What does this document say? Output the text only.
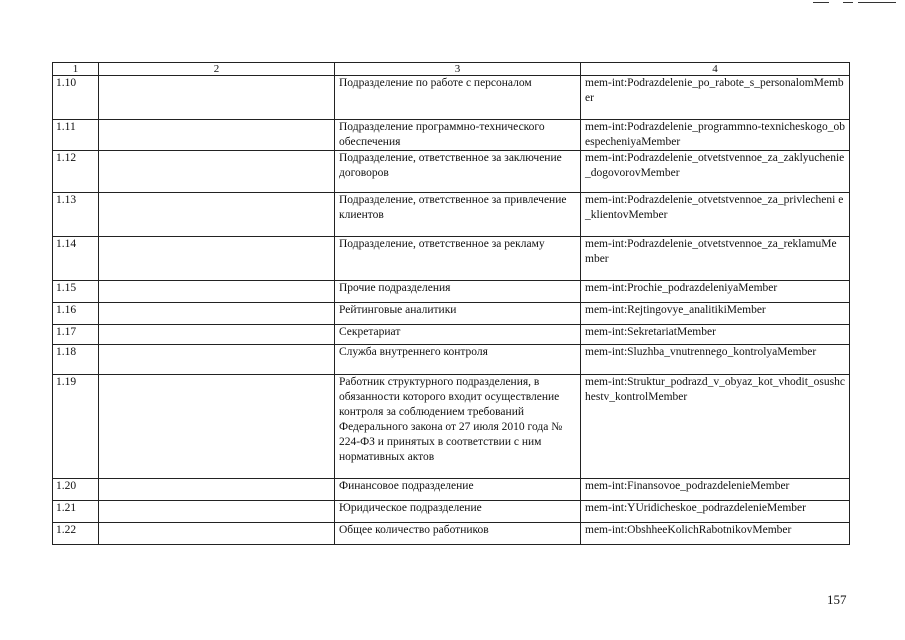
1	2	3	4
1.10		Подразделение по работе с персоналом	mem-int:Podrazdelenie_po_rabote_s_personalomMember
1.11		Подразделение программно-технического обеспечения	mem-int:Podrazdelenie_programmno-texnicheskogo_obespecheniyaMember
1.12		Подразделение, ответственное за заключение договоров	mem-int:Podrazdelenie_otvetstvennoe_za_zaklyuchenie_dogovorovMember
1.13		Подразделение, ответственное за привлечение клиентов	mem-int:Podrazdelenie_otvetstvennoe_za_privlecheni e_klientovMember
1.14		Подразделение, ответственное за рекламу	mem-int:Podrazdelenie_otvetstvennoe_za_reklamuMember
1.15		Прочие подразделения	mem-int:Prochie_podrazdeleniyaMember
1.16		Рейтинговые аналитики	mem-int:Rejtingovye_analitikiMember
1.17		Секретариат	mem-int:SekretariatMember
1.18		Служба внутреннего контроля	mem-int:Sluzhba_vnutrennego_kontrolyaMember
1.19		Работник структурного подразделения, в обязанности которого входит осуществление контроля за соблюдением требований Федерального закона от 27 июля 2010 года № 224-ФЗ и принятых в соответствии с ним нормативных актов	mem-int:Struktur_podrazd_v_obyaz_kot_vhodit_osushchestv_kontrolMember
1.20		Финансовое подразделение	mem-int:Finansovoe_podrazdelenieMember
1.21		Юридическое подразделение	mem-int:YUridicheskoe_podrazdelenieMember
1.22		Общее количество работников	mem-int:ObshheeKolichRabotnikovMember
157
